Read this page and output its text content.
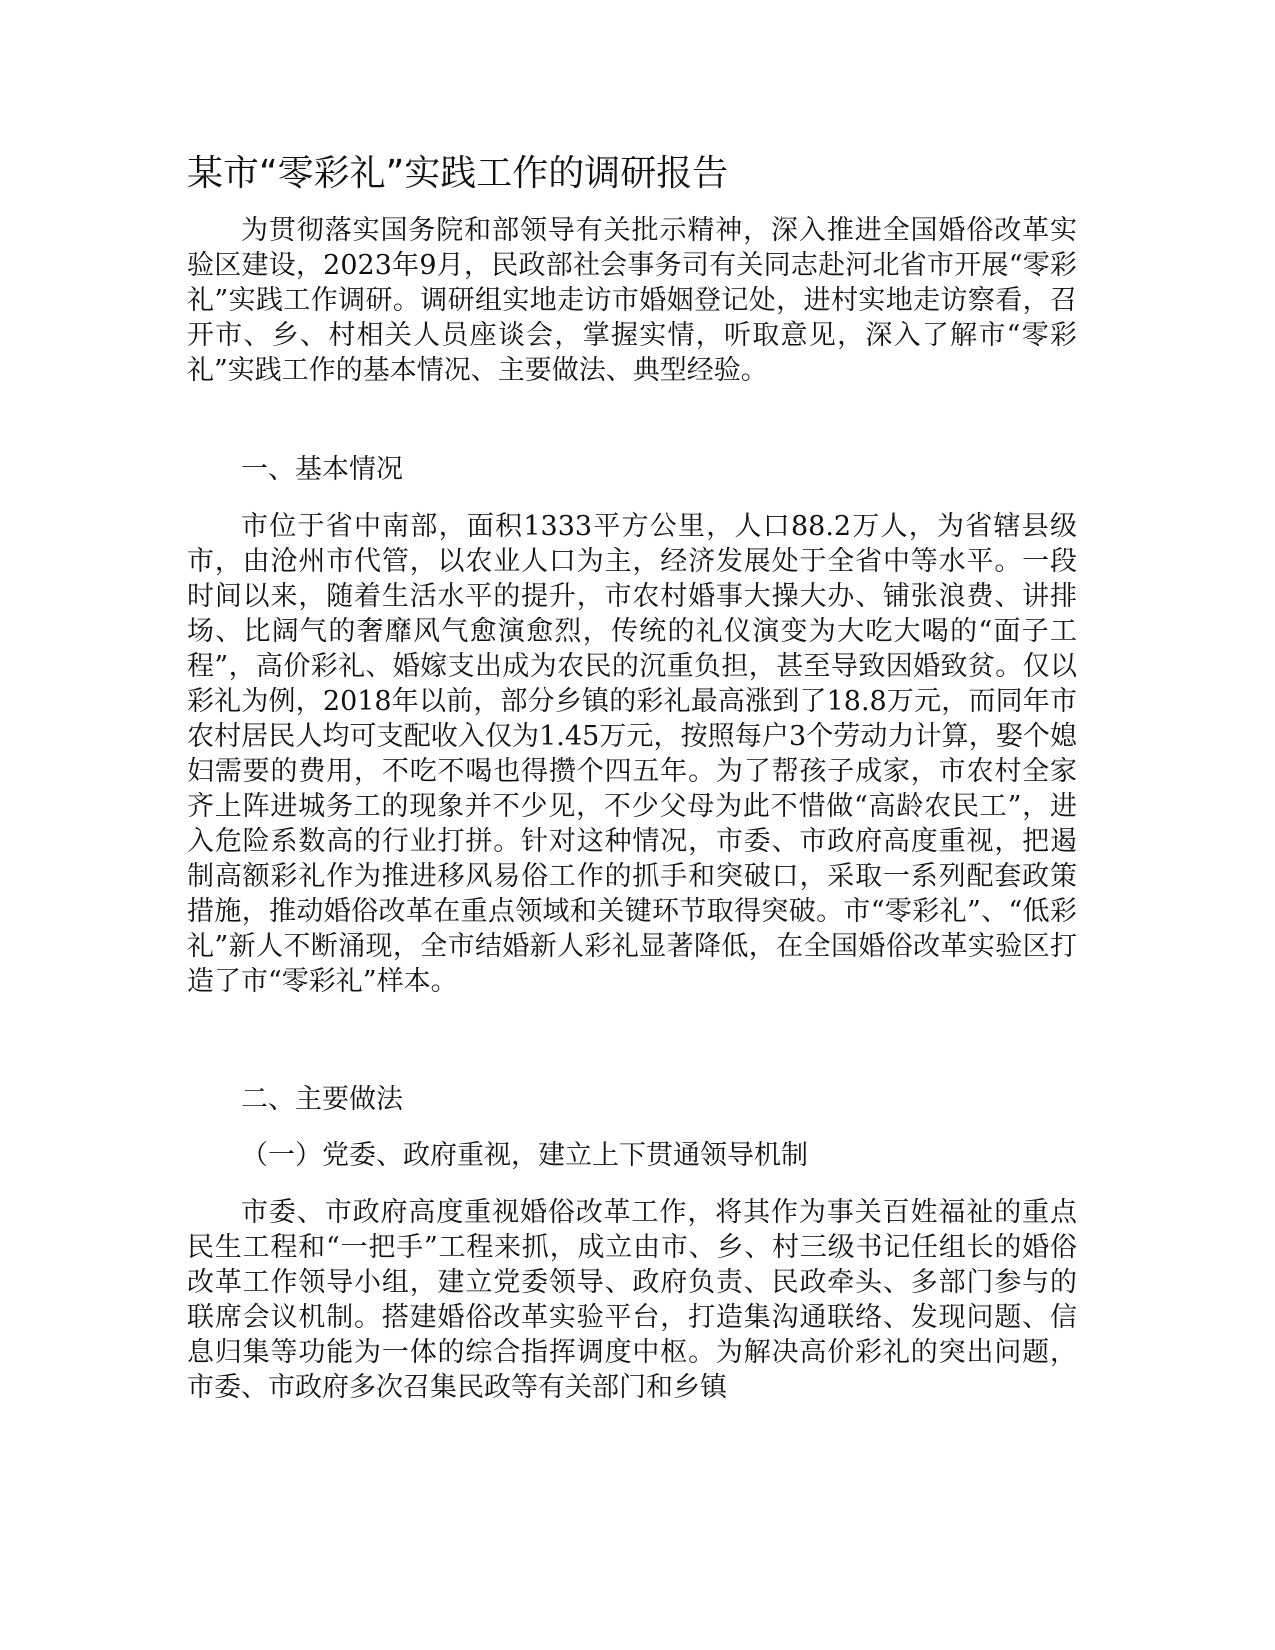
某市“零彩礼”实践工作的调研报告

为贯彻落实国务院和部领导有关批示精神，深入推进全国婚俗改革实验区建设，2023年9月，民政部社会事务司有关同志赴河北省市开展“零彩礼”实践工作调研。调研组实地走访市婚姻登记处，进村实地走访察看，召开市、乡、村相关人员座谈会，掌握实情，听取意见，深入了解市“零彩礼”实践工作的基本情况、主要做法、典型经验。

一、基本情况

市位于省中南部，面积1333平方公里，人口88.2万人，为省辖县级市，由沧州市代管，以农业人口为主，经济发展处于全省中等水平。一段时间以来，随着生活水平的提升，市农村婚事大操大办、铺张浪费、讲排场、比阔气的奢靡风气愈演愈烈，传统的礼仪演变为大吃大喝的“面子工程”，高价彩礼、婚嫁支出成为农民的沉重负担，甚至导致因婚致贫。仅以彩礼为例，2018年以前，部分乡镇的彩礼最高涨到了18.8万元，而同年市农村居民人均可支配收入仅为1.45万元，按照每户3个劳动力计算，娶个媳妇需要的费用，不吃不喝也得攒个四五年。为了帮孩子成家，市农村全家齐上阵进城务工的现象并不少见，不少父母为此不惜做“高龄农民工”，进入危险系数高的行业打拼。针对这种情况，市委、市政府高度重视，把遏制高额彩礼作为推进移风易俗工作的抓手和突破口，采取一系列配套政策措施，推动婚俗改革在重点领域和关键环节取得突破。市“零彩礼”、“低彩礼”新人不断涌现，全市结婚新人彩礼显著降低，在全国婚俗改革实验区打造了市“零彩礼”样本。

二、主要做法

（一）党委、政府重视，建立上下贯通领导机制

市委、市政府高度重视婚俗改革工作，将其作为事关百姓福祉的重点民生工程和“一把手”工程来抓，成立由市、乡、村三级书记任组长的婚俗改革工作领导小组，建立党委领导、政府负责、民政牵头、多部门参与的联席会议机制。搭建婚俗改革实验平台，打造集沟通联络、发现问题、信息归集等功能为一体的综合指挥调度中枢。为解决高价彩礼的突出问题，市委、市政府多次召集民政等有关部门和乡镇
